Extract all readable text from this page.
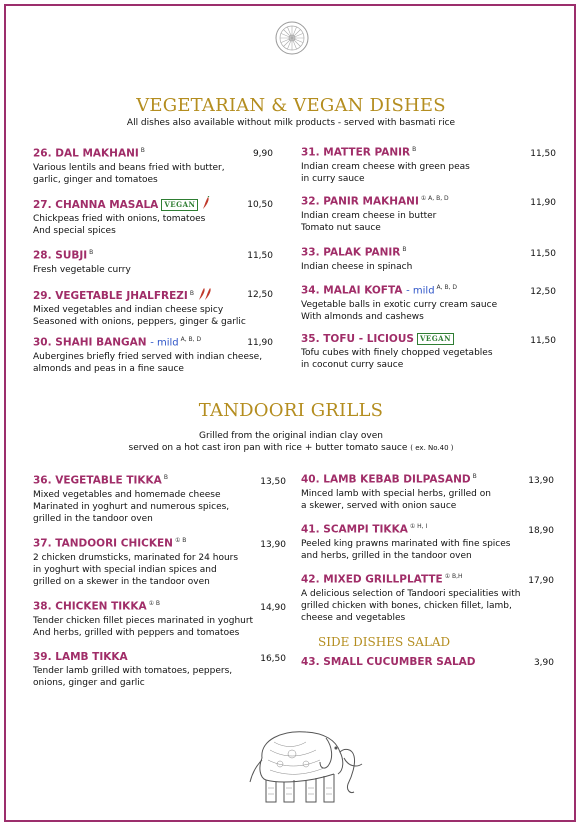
VEGETARIAN & VEGAN DISHES
All dishes also available without milk products - served with basmati rice
26. DAL MAKHANI $^B$
Various lentils and beans fried with butter,
garlic, ginger and tomatoes
9,90
27. CHANNA MASALA VEGAN
Chickpeas fried with onions, tomatoes
And special spices
10,50
28. SUBJI $^B$
Fresh vegetable curry
11,50
29. VEGETABLE JHALFREZI $^B$
Mixed vegetables and indian cheese spicy
Seasoned with onions, peppers, ginger & garlic
12,50
30. SHAHI BANGAN - mild $^{A, B, D}$
Aubergines briefly fried served with indian cheese,
almonds and peas in a fine sauce
11,90
31. MATTER PANIR $^B$
Indian cream cheese with green peas
in curry sauce
11,50
32. PANIR MAKHANI $^{① A, B, D}$
Indian cream cheese in butter
Tomato nut sauce
11,90
33. PALAK PANIR $^B$
Indian cheese in spinach
11,50
34. MALAI KOFTA - mild $^{A, B, D}$
Vegetable balls in exotic curry cream sauce
With almonds and cashews
12,50
35. TOFU - LICIOUS VEGAN
Tofu cubes with finely chopped vegetables
in coconut curry sauce
11,50
TANDOORI GRILLS
Grilled from the original indian clay oven
served on a hot cast iron pan with rice + butter tomato sauce ( ex. No.40 )
36. VEGETABLE TIKKA $^B$
Mixed vegetables and homemade cheese
Marinated in yoghurt and numerous spices,
grilled in the tandoor oven
13,50
37. TANDOORI CHICKEN $^{① B}$
2 chicken drumsticks, marinated for 24 hours
in yoghurt with special indian spices and
grilled on a skewer in the tandoor oven
13,90
38. CHICKEN TIKKA $^{① B}$
Tender chicken fillet pieces marinated in yoghurt
And herbs, grilled with peppers and tomatoes
14,90
39. LAMB TIKKA
Tender lamb grilled with tomatoes, peppers,
onions, ginger and garlic
16,50
40. LAMB KEBAB DILPASAND $^B$
Minced lamb with special herbs, grilled on
a skewer, served with onion sauce
13,90
41. SCAMPI TIKKA $^{① H, I}$
Peeled king prawns marinated with fine spices
and herbs, grilled in the tandoor oven
18,90
42. MIXED GRILLPLATTE $^{① B,H}$
A delicious selection of Tandoori specialities with
grilled chicken with bones, chicken fillet, lamb,
cheese and vegetables
17,90
SIDE DISHES SALAD
43. SMALL CUCUMBER SALAD	3,90
